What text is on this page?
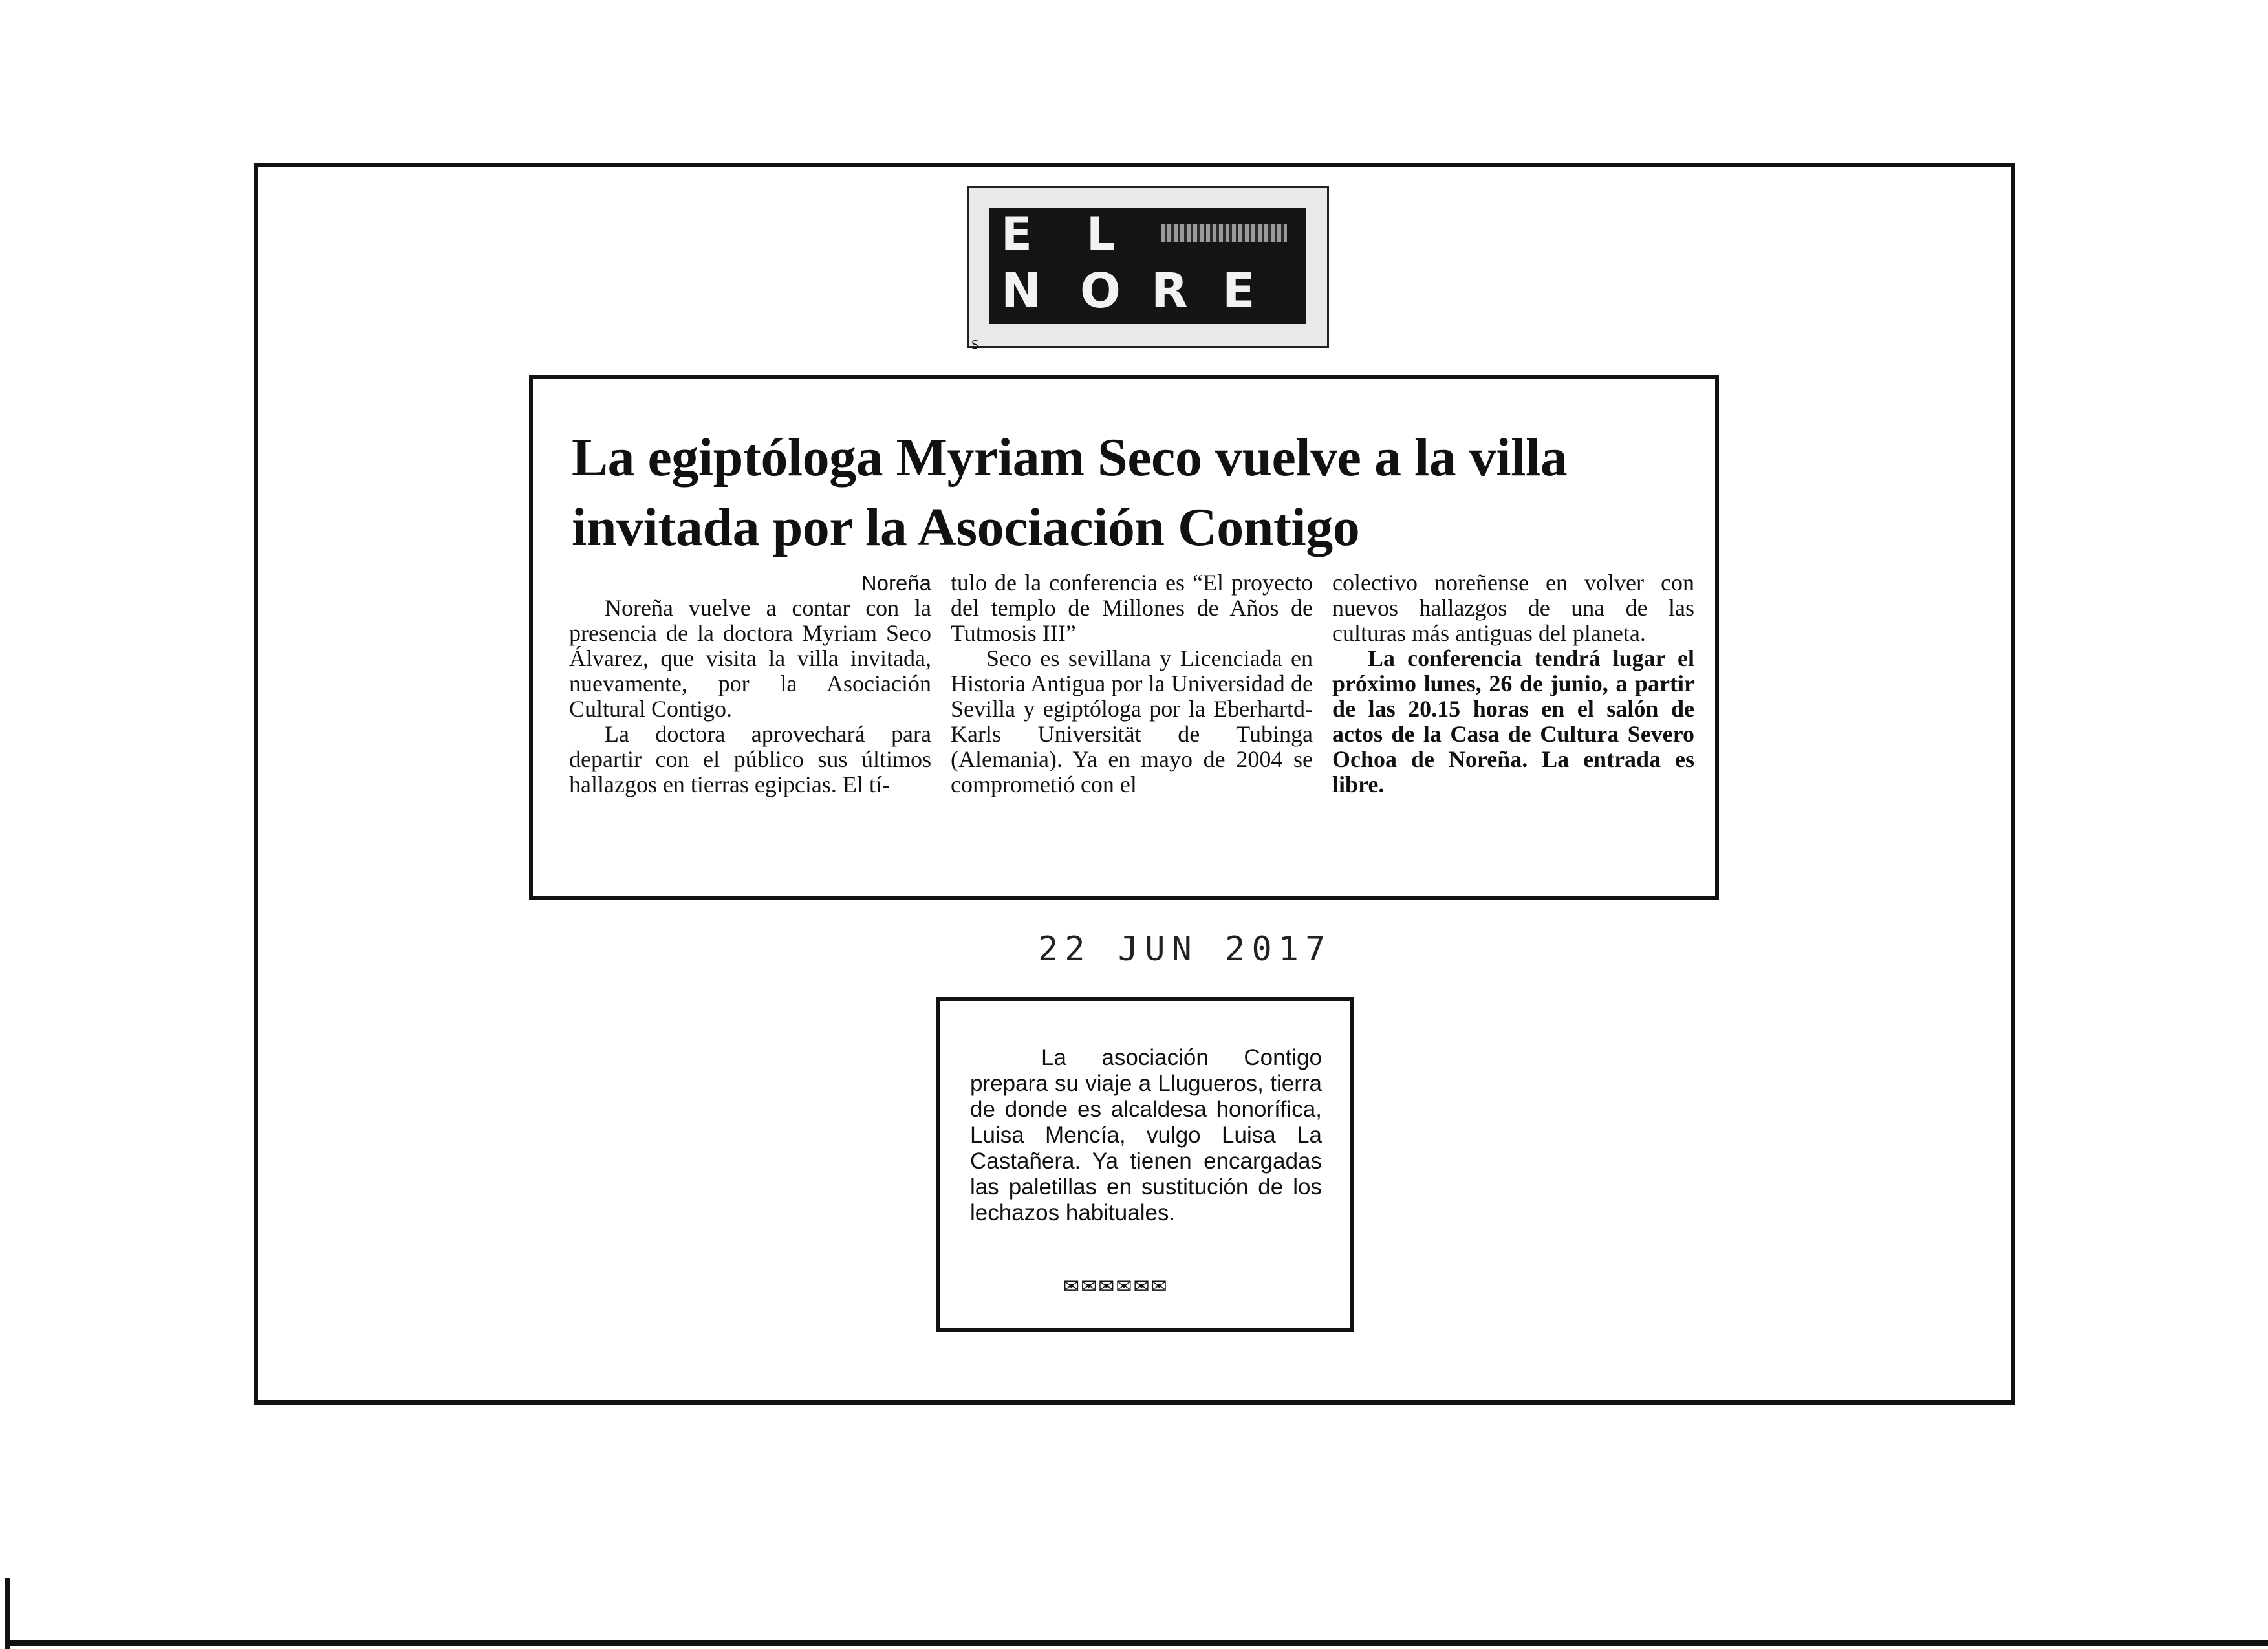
E L
N O R E
S
La egiptóloga Myriam Seco vuelve a la villa invitada por la Asociación Contigo

Noreña

Noreña vuelve a contar con la presencia de la doctora Myriam Seco Álvarez, que visita la villa invitada, nuevamente, por la Asociación Cultural Contigo.

La doctora aprovechará para departir con el público sus últimos hallazgos en tierras egipcias. El tí-

tulo de la conferencia es “El proyecto del templo de Millones de Años de Tutmosis III”

Seco es sevillana y Licenciada en Historia Antigua por la Universidad de Sevilla y egiptóloga por la Eberhartd-Karls Universität de Tubinga (Alemania). Ya en mayo de 2004 se comprometió con el

colectivo noreñense en volver con nuevos hallazgos de una de las culturas más antiguas del planeta.

La conferencia tendrá lugar el próximo lunes, 26 de junio, a partir de las 20.15 horas en el salón de actos de la Casa de Cultura Severo Ochoa de Noreña. La entrada es libre.

22 JUN 2017

La asociación Contigo prepara su viaje a Llugueros, tierra de donde es alcaldesa honorífica, Luisa Mencía, vulgo Luisa La Castañera. Ya tienen encargadas las paletillas en sustitución de los lechazos habituales.

✉✉✉✉✉✉
